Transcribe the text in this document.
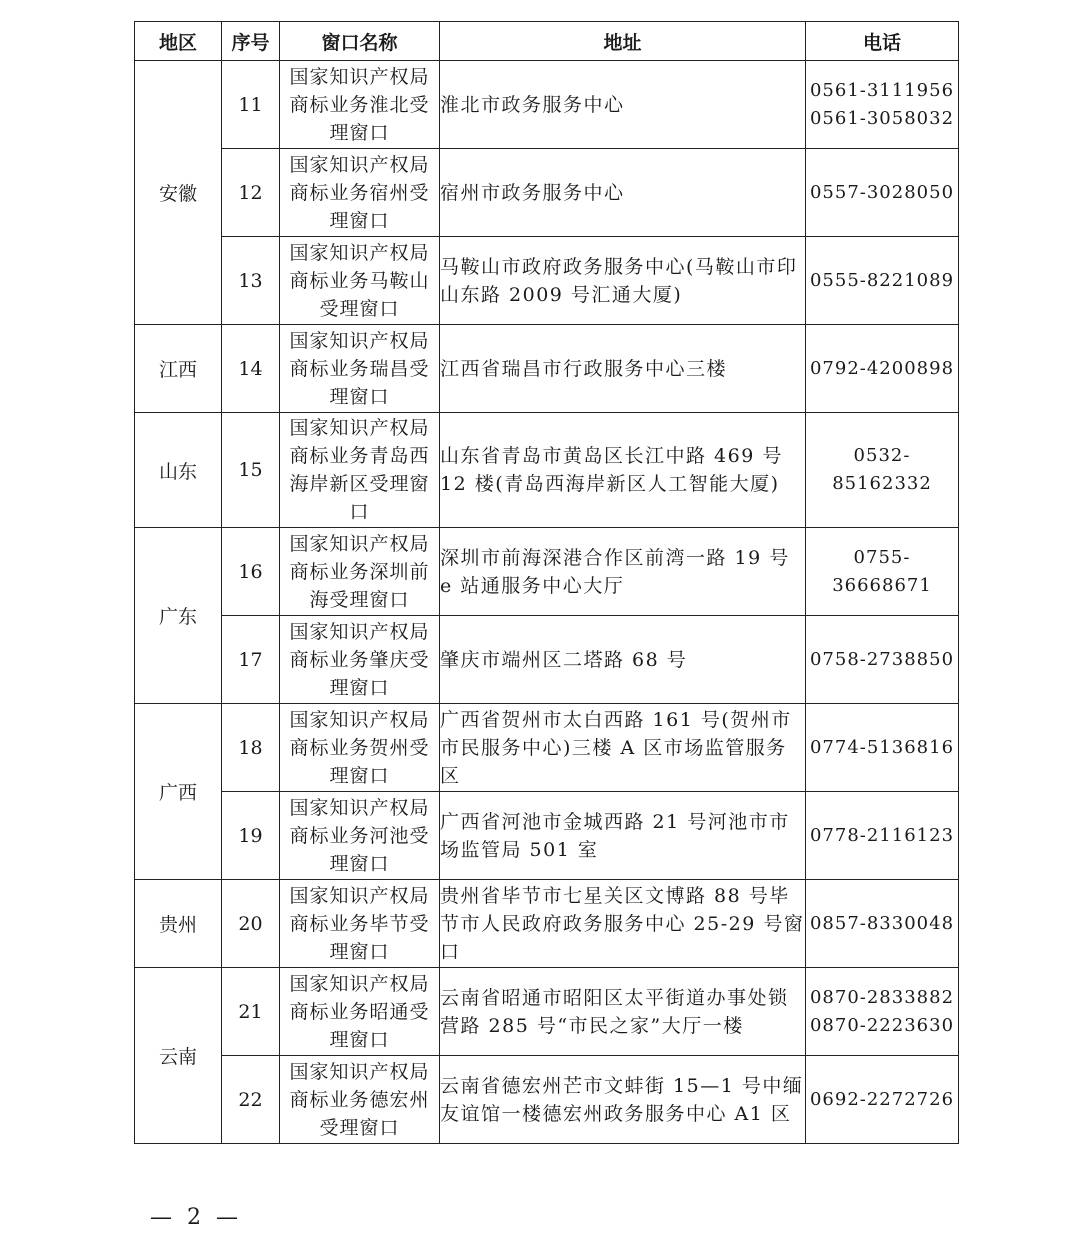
地区	序号	窗口名称	地址	电话
安徽	11	国家知识产权局商标业务淮北受理窗口	淮北市政务服务中心	0561-3111956
0561-3058032

	12	国家知识产权局商标业务宿州受理窗口	宿州市政务服务中心	0557-3028050

	13	国家知识产权局商标业务马鞍山受理窗口	马鞍山市政府政务服务中心(马鞍山市印山东路 2009 号汇通大厦)	0555-8221089

江西	14	国家知识产权局商标业务瑞昌受理窗口	江西省瑞昌市行政服务中心三楼	0792-4200898

山东	15	国家知识产权局商标业务青岛西海岸新区受理窗口	山东省青岛市黄岛区长江中路 469 号 12 楼(青岛西海岸新区人工智能大厦)	0532-85162332

广东	16	国家知识产权局商标业务深圳前海受理窗口	深圳市前海深港合作区前湾一路 19 号 e 站通服务中心大厅	0755-36668671

	17	国家知识产权局商标业务肇庆受理窗口	肇庆市端州区二塔路 68 号	0758-2738850

广西	18	国家知识产权局商标业务贺州受理窗口	广西省贺州市太白西路 161 号(贺州市市民服务中心)三楼 A 区市场监管服务区	0774-5136816

	19	国家知识产权局商标业务河池受理窗口	广西省河池市金城西路 21 号河池市市场监管局 501 室	0778-2116123

贵州	20	国家知识产权局商标业务毕节受理窗口	贵州省毕节市七星关区文博路 88 号毕节市人民政府政务服务中心 25-29 号窗口	0857-8330048

云南	21	国家知识产权局商标业务昭通受理窗口	云南省昭通市昭阳区太平街道办事处锁营路 285 号“市民之家”大厅一楼	0870-2833882
0870-2223630

	22	国家知识产权局商标业务德宏州受理窗口	云南省德宏州芒市文蚌街 15—1 号中缅友谊馆一楼德宏州政务服务中心 A1 区	0692-2272726
— 2 —
